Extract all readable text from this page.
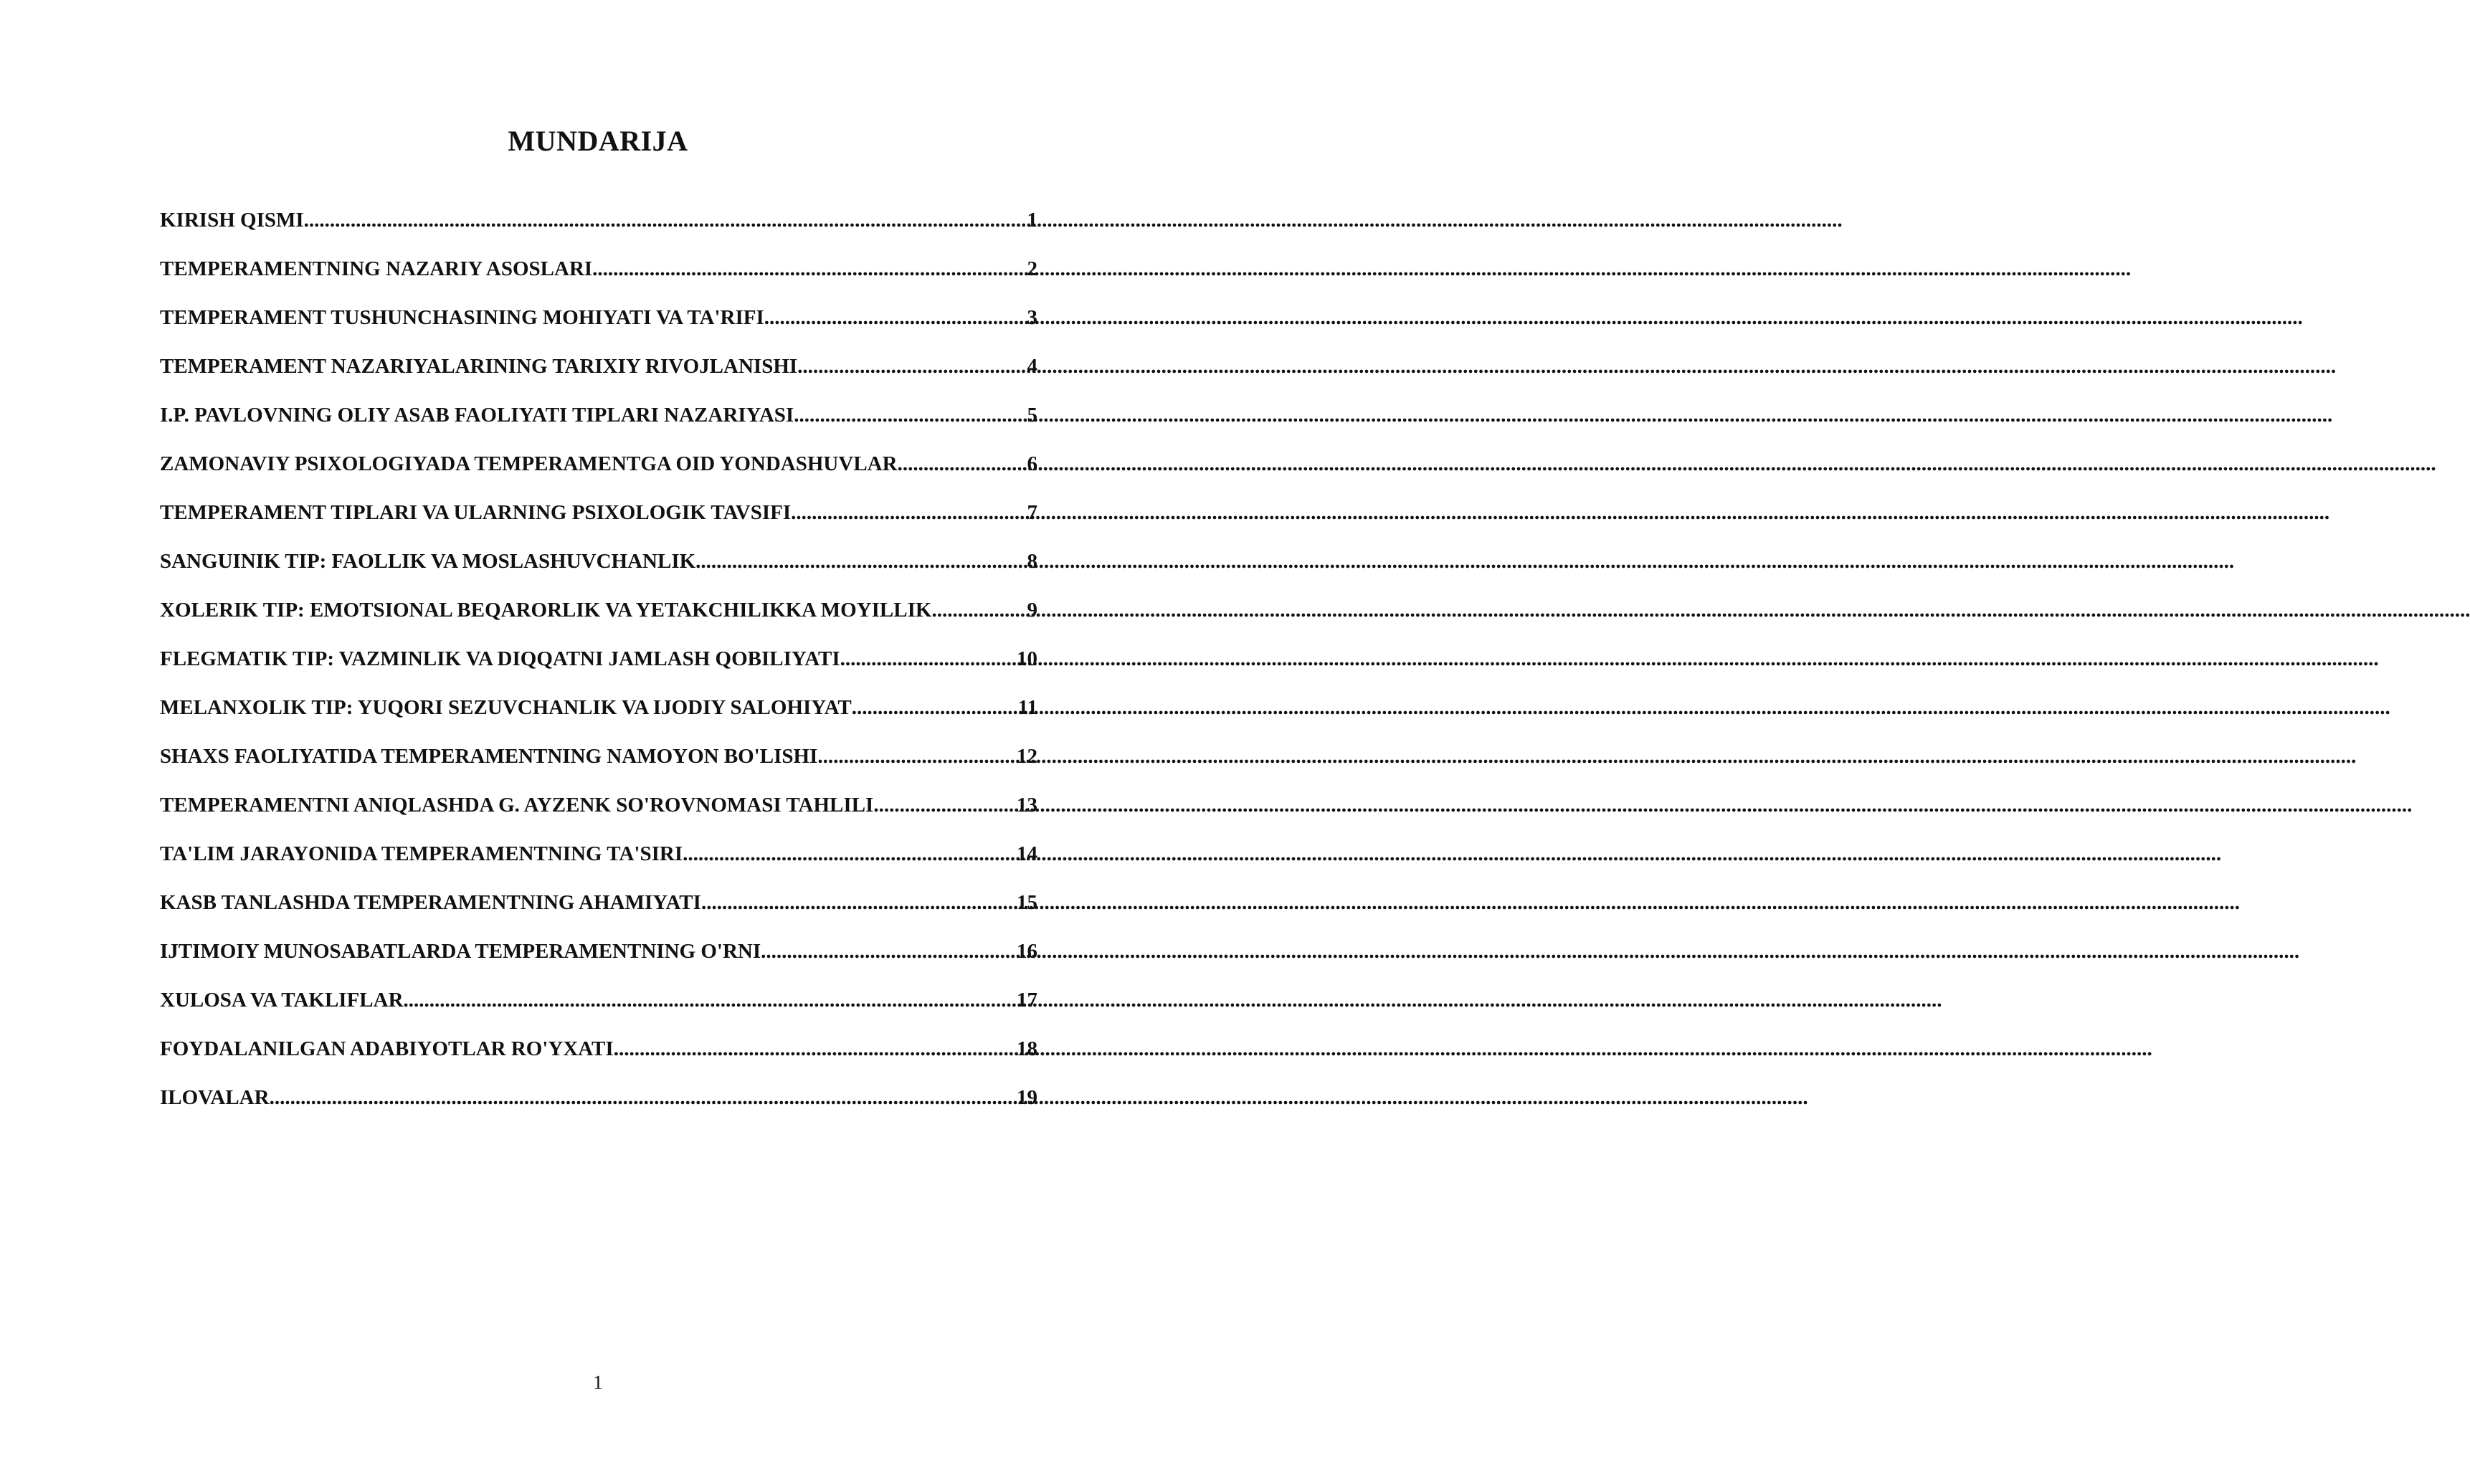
MUNDARIJA
KIRISH QISMI .....	1
TEMPERAMENTNING NAZARIY ASOSLARI .....	2
TEMPERAMENT TUSHUNCHASINING MOHIYATI VA TA'RIFI .....	3
TEMPERAMENT NAZARIYALARINING TARIXIY RIVOJLANISHI .....	4
I.P. PAVLOVNING OLIY ASAB FAOLIYATI TIPLARI NAZARIYASI .....	5
ZAMONAVIY PSIXOLOGIYADA TEMPERAMENTGA OID YONDASHUVLAR .....	6
TEMPERAMENT TIPLARI VA ULARNING PSIXOLOGIK TAVSIFI .....	7
SANGUINIK TIP: FAOLLIK VA MOSLASHUVCHANLIK .....	8
XOLERIK TIP: EMOTSIONAL BEQARORLIK VA YETAKCHILIKKA MOYILLIK .....	9
FLEGMATIK TIP: VAZMINLIK VA DIQQATNI JAMLASH QOBILIYATI .....	10
MELANXOLIK TIP: YUQORI SEZUVCHANLIK VA IJODIY SALOHIYAT .....	11
SHAXS FAOLIYATIDA TEMPERAMENTNING NAMOYON BO'LISHI .....	12
TEMPERAMENTNI ANIQLASHDA G. AYZENK SO'ROVNOMASI TAHLILI .....	13
TA'LIM JARAYONIDA TEMPERAMENTNING TA'SIRI .....	14
KASB TANLASHDA TEMPERAMENTNING AHAMIYATI .....	15
IJTIMOIY MUNOSABATLARDA TEMPERAMENTNING O'RNI .....	16
XULOSA VA TAKLIFLAR .....	17
FOYDALANILGAN ADABIYOTLAR RO'YXATI .....	18
ILOVALAR .....	19
1
